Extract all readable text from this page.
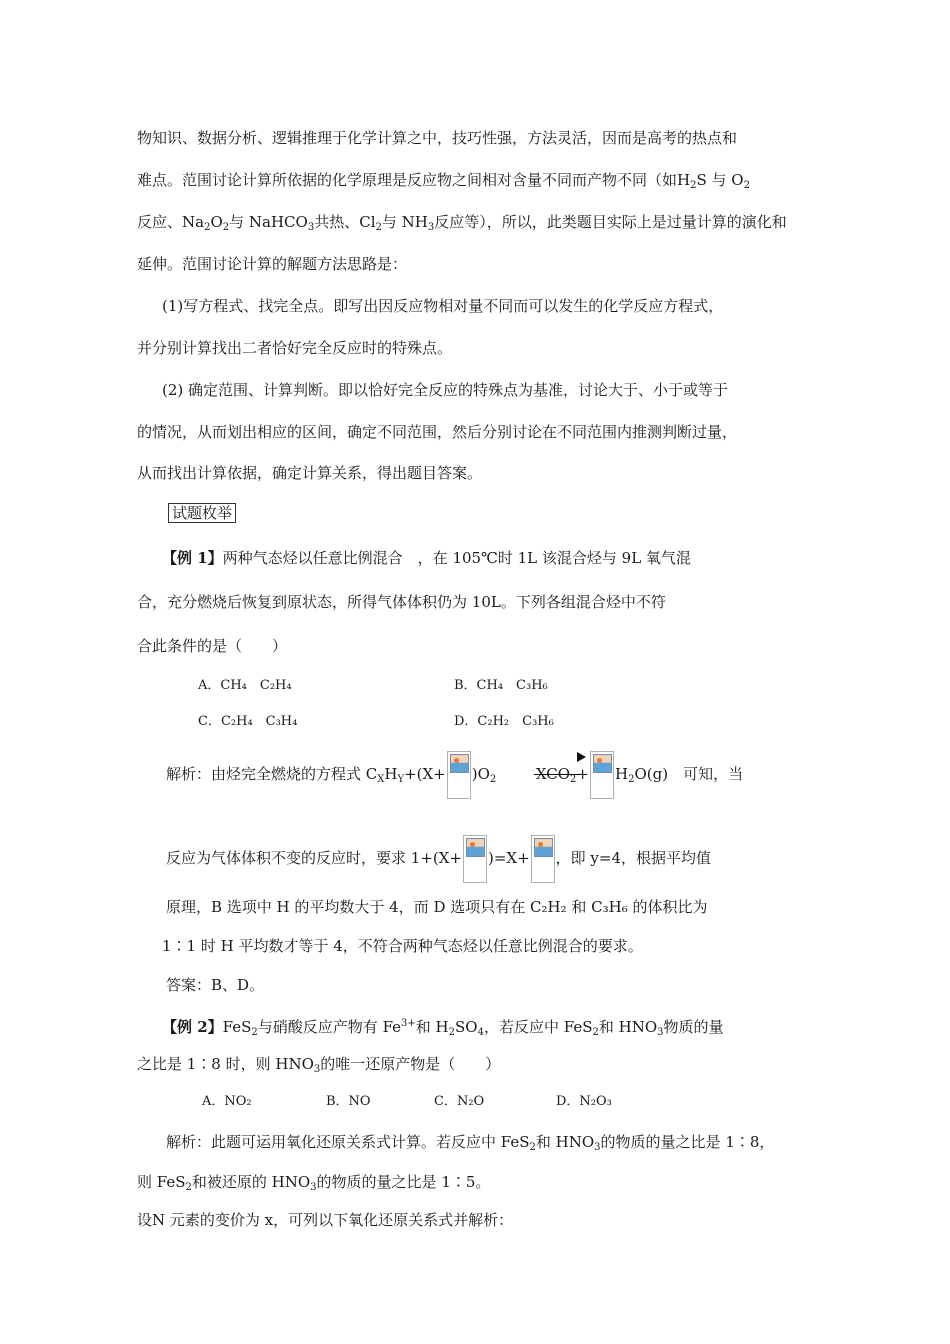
物知识、数据分析、逻辑推理于化学计算之中，技巧性强，方法灵活，因而是高考的热点和
难点。范围讨论计算所依据的化学原理是反应物之间相对含量不同而产物不同（如$H_2S$ 与 $O_2$
反应、$Na_2O_2$与 NaHCO$_3$共热、$Cl_2$与 $NH_3$反应等），所以，此类题目实际上是过量计算的演化和
延伸。范围讨论计算的解题方法思路是：
(1)写方程式、找完全点。即写出因反应物相对量不同而可以发生的化学反应方程式，
并分别计算找出二者恰好完全反应时的特殊点。
(2) 确定范围、计算判断。即以恰好完全反应的特殊点为基准，讨论大于、小于或等于
的情况，从而划出相应的区间，确定不同范围，然后分别讨论在不同范围内推测判断过量，
从而找出计算依据，确定计算关系，得出题目答案。
试题枚举
【例 1】两种气态烃以任意比例混合　，在 105℃时 1L 该混合烃与 9L 氧气混
合，充分燃烧后恢复到原状态，所得气体体积仍为 10L。下列各组混合烃中不符
合此条件的是（　　）
A．CH₄　C₂H₄	B．CH₄　C₃H₆
C．C₂H₄　C₃H₄	D．C₂H₂　C₃H₆
解析：由烃完全燃烧的方程式 $C_XH_Y+(X+ )O_2$	$XCO_2$
+ $H_2O(g)$　可知，当
反应为气体体积不变的反应时，要求 1+(X+ )=X+ ，即 y=4，根据平均值
原理，B 选项中 H 的平均数大于 4，而 D 选项只有在 C₂H₂ 和 C₃H₆ 的体积比为
1∶1 时 H 平均数才等于 4，不符合两种气态烃以任意比例混合的要求。
答案：B、D。
【例 2】FeS$_2$与硝酸反应产物有 $Fe^{3+}$和 $H_2SO_4$，若反应中 FeS$_2$和 $HNO_3$物质的量
之比是 1∶8 时，则 $HNO_3$的唯一还原产物是（　　）
A．NO₂	B．NO	C．N₂O	D．N₂O₃
解析：此题可运用氧化还原关系式计算。若反应中 FeS$_2$和 $HNO_3$的物质的量之比是 1∶8，
则 FeS$_2$和被还原的 $HNO_3$的物质的量之比是 1∶5。
设N 元素的变价为 x，可列以下氧化还原关系式并解析：
